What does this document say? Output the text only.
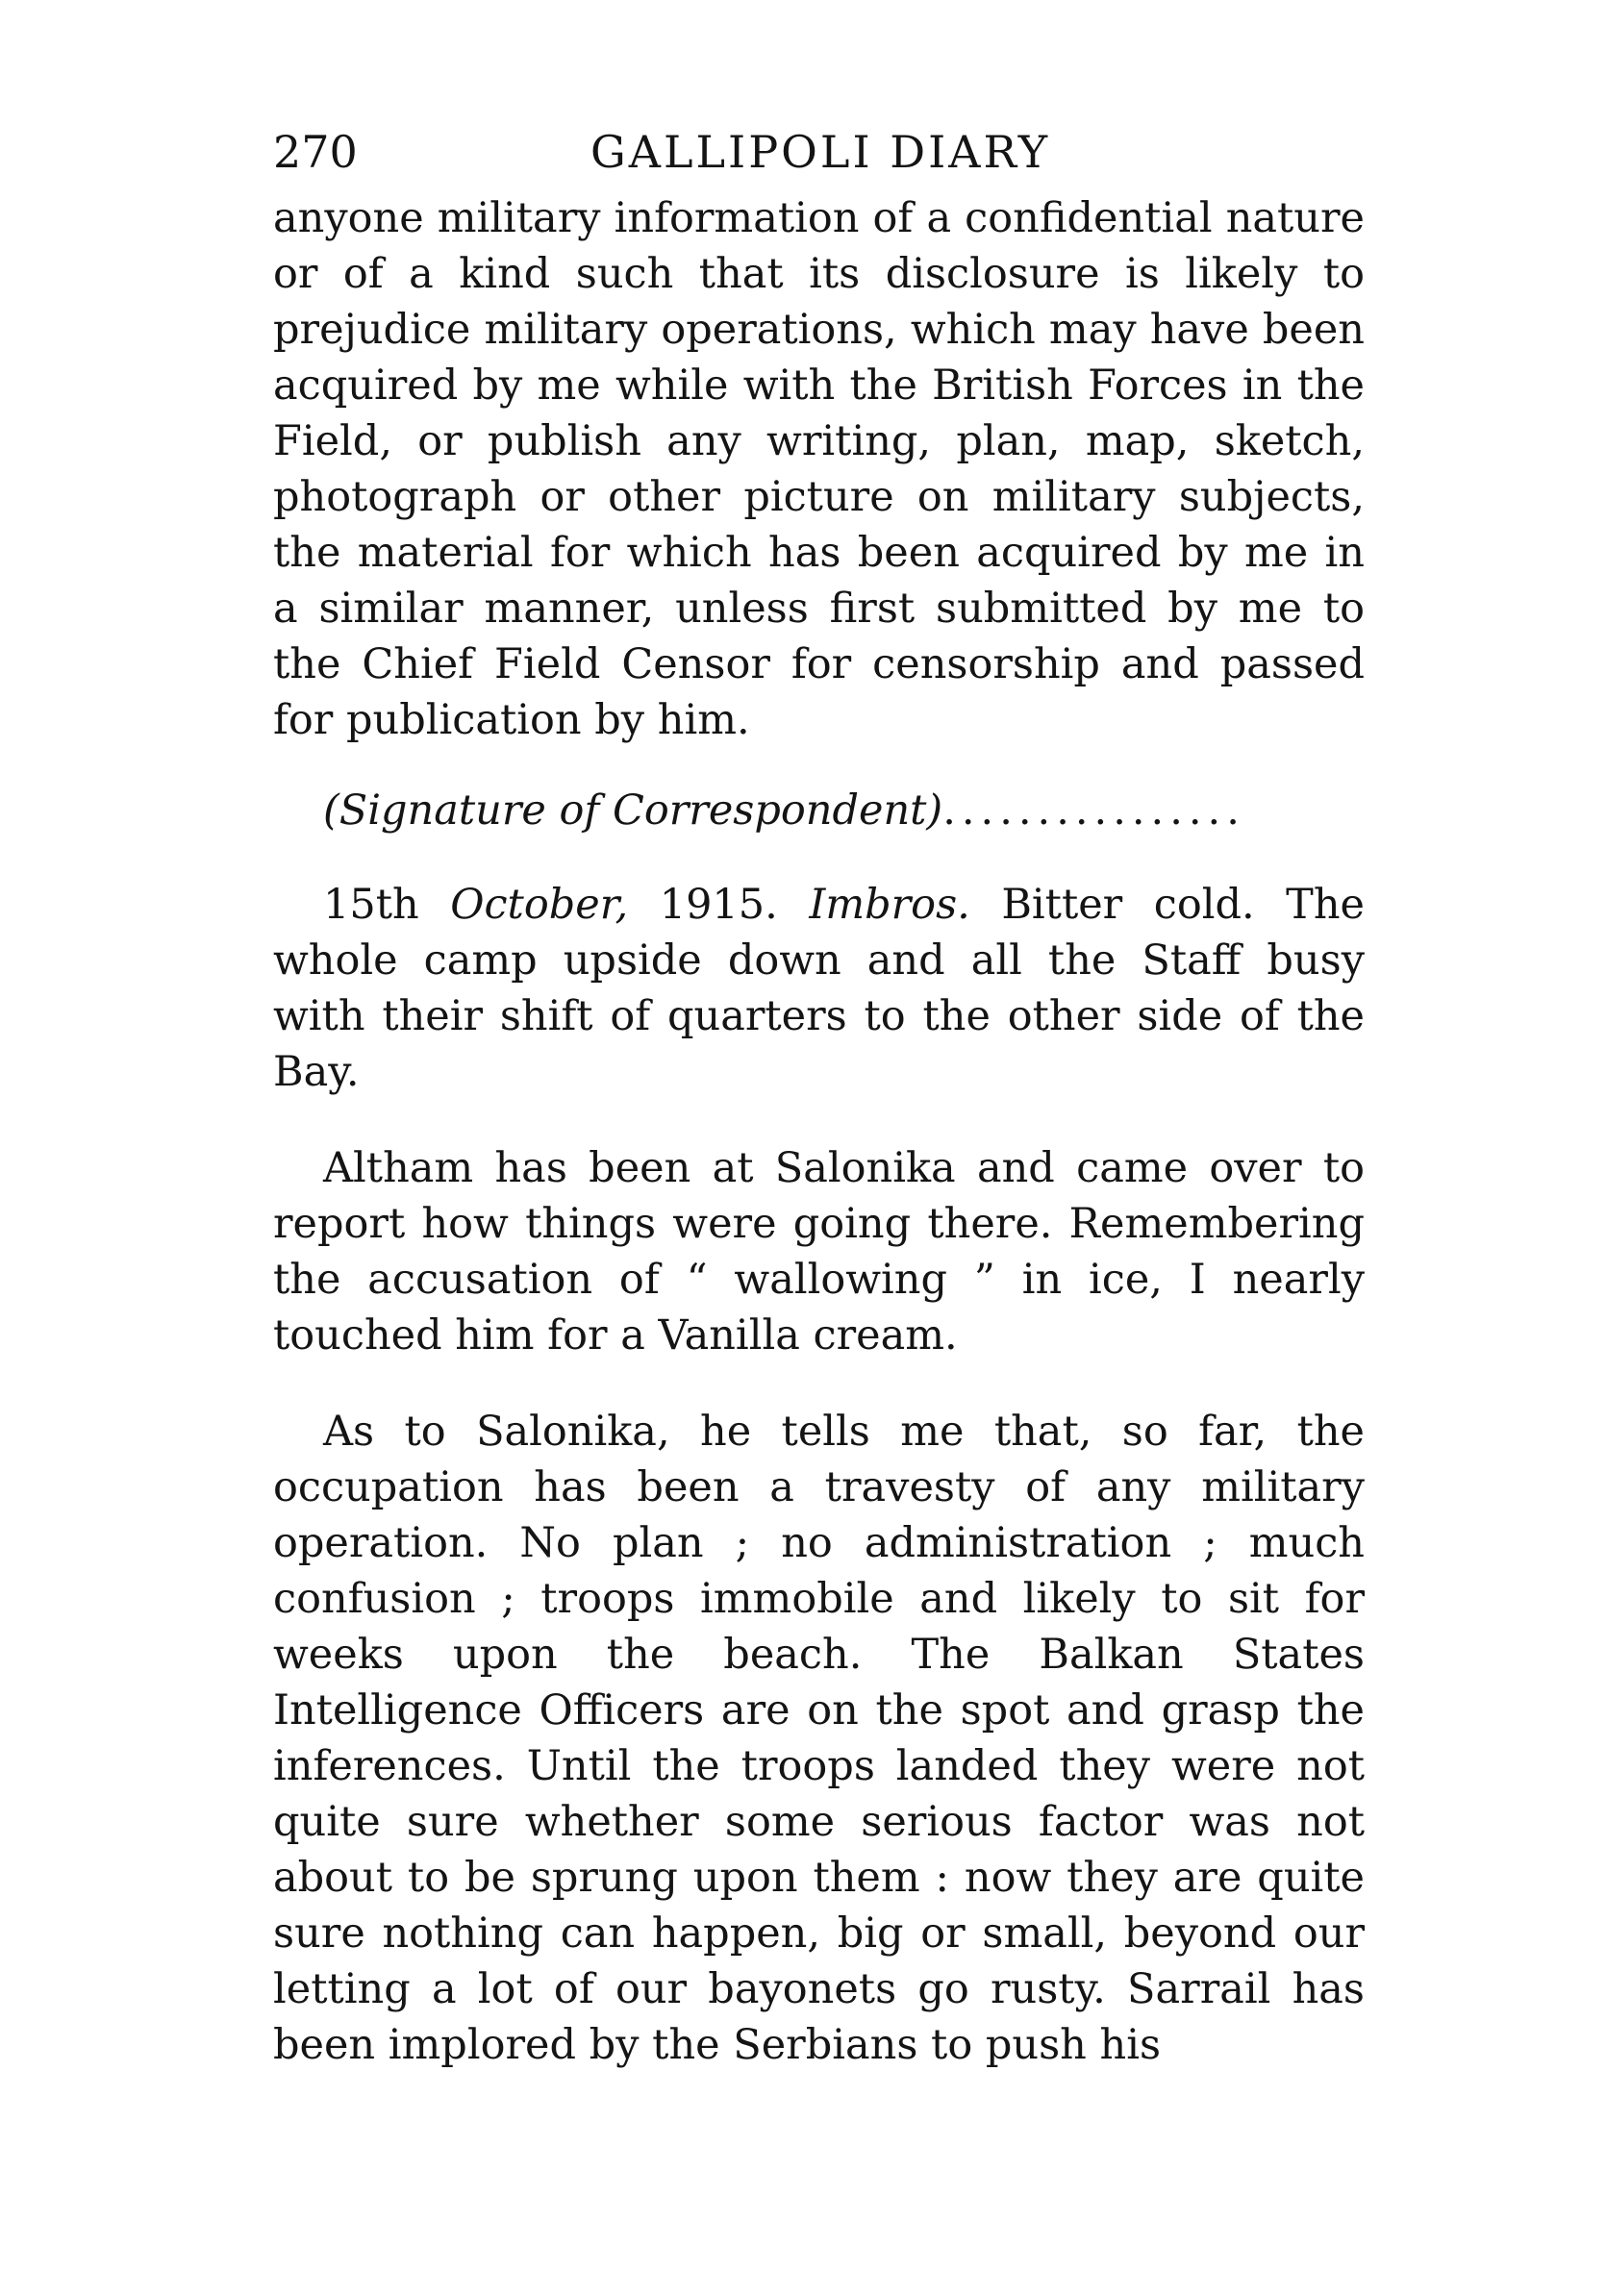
270	GALLIPOLI DIARY

anyone military information of a confidential nature or of a kind such that its disclosure is likely to prejudice military operations, which may have been acquired by me while with the British Forces in the Field, or publish any writing, plan, map, sketch, photograph or other picture on military subjects, the material for which has been acquired by me in a similar manner, unless first submitted by me to the Chief Field Censor for censorship and passed for publication by him.

(Signature of Correspondent)................

15th October, 1915. Imbros. Bitter cold. The whole camp upside down and all the Staff busy with their shift of quarters to the other side of the Bay.

Altham has been at Salonika and came over to report how things were going there. Remembering the accusation of “ wallowing ” in ice, I nearly touched him for a Vanilla cream.

As to Salonika, he tells me that, so far, the occupation has been a travesty of any military operation. No plan ; no administration ; much confusion ; troops immobile and likely to sit for weeks upon the beach. The Balkan States Intelligence Officers are on the spot and grasp the inferences. Until the troops landed they were not quite sure whether some serious factor was not about to be sprung upon them : now they are quite sure nothing can happen, big or small, beyond our letting a lot of our bayonets go rusty. Sarrail has been implored by the Serbians to push his
